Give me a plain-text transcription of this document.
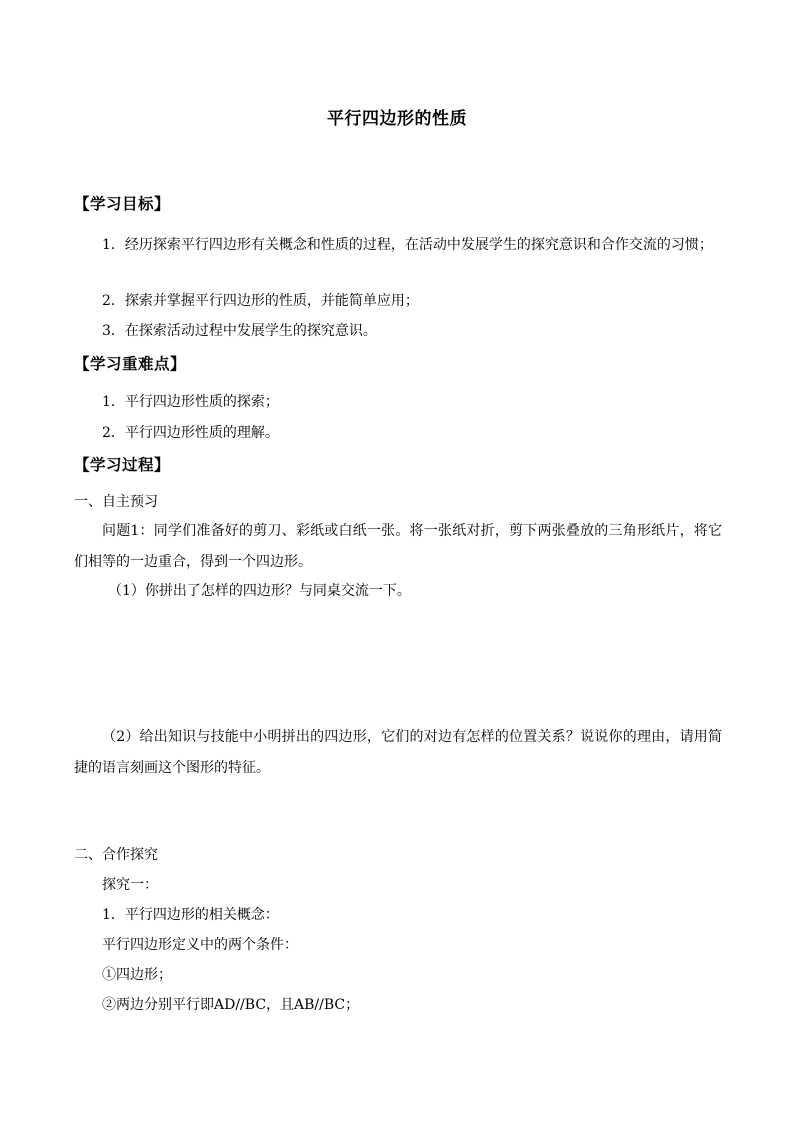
平行四边形的性质
【学习目标】
1．经历探索平行四边形有关概念和性质的过程，在活动中发展学生的探究意识和合作交流的习惯；
2．探索并掌握平行四边形的性质，并能简单应用；
3．在探索活动过程中发展学生的探究意识。
【学习重难点】
1．平行四边形性质的探索；
2．平行四边形性质的理解。
【学习过程】
一、自主预习
问题1：同学们准备好的剪刀、彩纸或白纸一张。将一张纸对折，剪下两张叠放的三角形纸片，将它们相等的一边重合，得到一个四边形。
（1）你拼出了怎样的四边形？与同桌交流一下。
（2）给出知识与技能中小明拼出的四边形，它们的对边有怎样的位置关系？说说你的理由，请用简捷的语言刻画这个图形的特征。
二、合作探究
探究一：
1．平行四边形的相关概念：
平行四边形定义中的两个条件：
①四边形；
②两边分别平行即AD//BC，且AB//BC；
